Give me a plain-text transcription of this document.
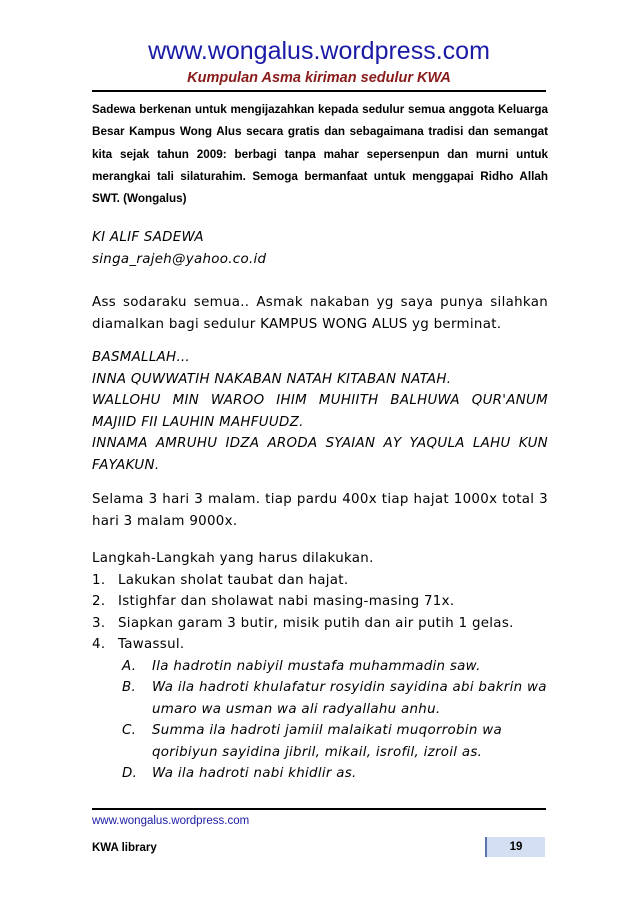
www.wongalus.wordpress.com
Kumpulan Asma kiriman sedulur KWA

Sadewa berkenan untuk mengijazahkan kepada sedulur semua anggota Keluarga Besar Kampus Wong Alus secara gratis dan sebagaimana tradisi dan semangat kita sejak tahun 2009: berbagi tanpa mahar sepersenpun dan murni untuk merangkai tali silaturahim. Semoga bermanfaat untuk menggapai Ridho Allah SWT. (Wongalus)

KI ALIF SADEWA

singa_rajeh@yahoo.co.id

Ass sodaraku semua.. Asmak nakaban yg saya punya silahkan diamalkan bagi sedulur KAMPUS WONG ALUS yg berminat.

BASMALLAH…

INNA QUWWATIH NAKABAN NATAH KITABAN NATAH.

WALLOHU MIN WAROO IHIM MUHIITH BALHUWA QUR'ANUM MAJIID FII LAUHIN MAHFUUDZ.

INNAMA AMRUHU IDZA ARODA SYAIAN AY YAQULA LAHU KUN FAYAKUN.

Selama 3 hari 3 malam. tiap pardu 400x tiap hajat 1000x total 3 hari 3 malam 9000x.

Langkah-Langkah yang harus dilakukan.

1. Lakukan sholat taubat dan hajat.
2. Istighfar dan sholawat nabi masing-masing 71x.
3. Siapkan garam 3 butir, misik putih dan air putih 1 gelas.
4. Tawassul.
A. Ila hadrotin nabiyil mustafa muhammadin saw.
B. Wa ila hadroti khulafatur rosyidin sayidina abi bakrin wa umaro wa usman wa ali radyallahu anhu.
C. Summa ila hadroti jamiil malaikati muqorrobin wa qoribiyun sayidina jibril, mikail, isrofil, izroil as.
D. Wa ila hadroti nabi khidlir as.
www.wongalus.wordpress.com
KWA library	19
